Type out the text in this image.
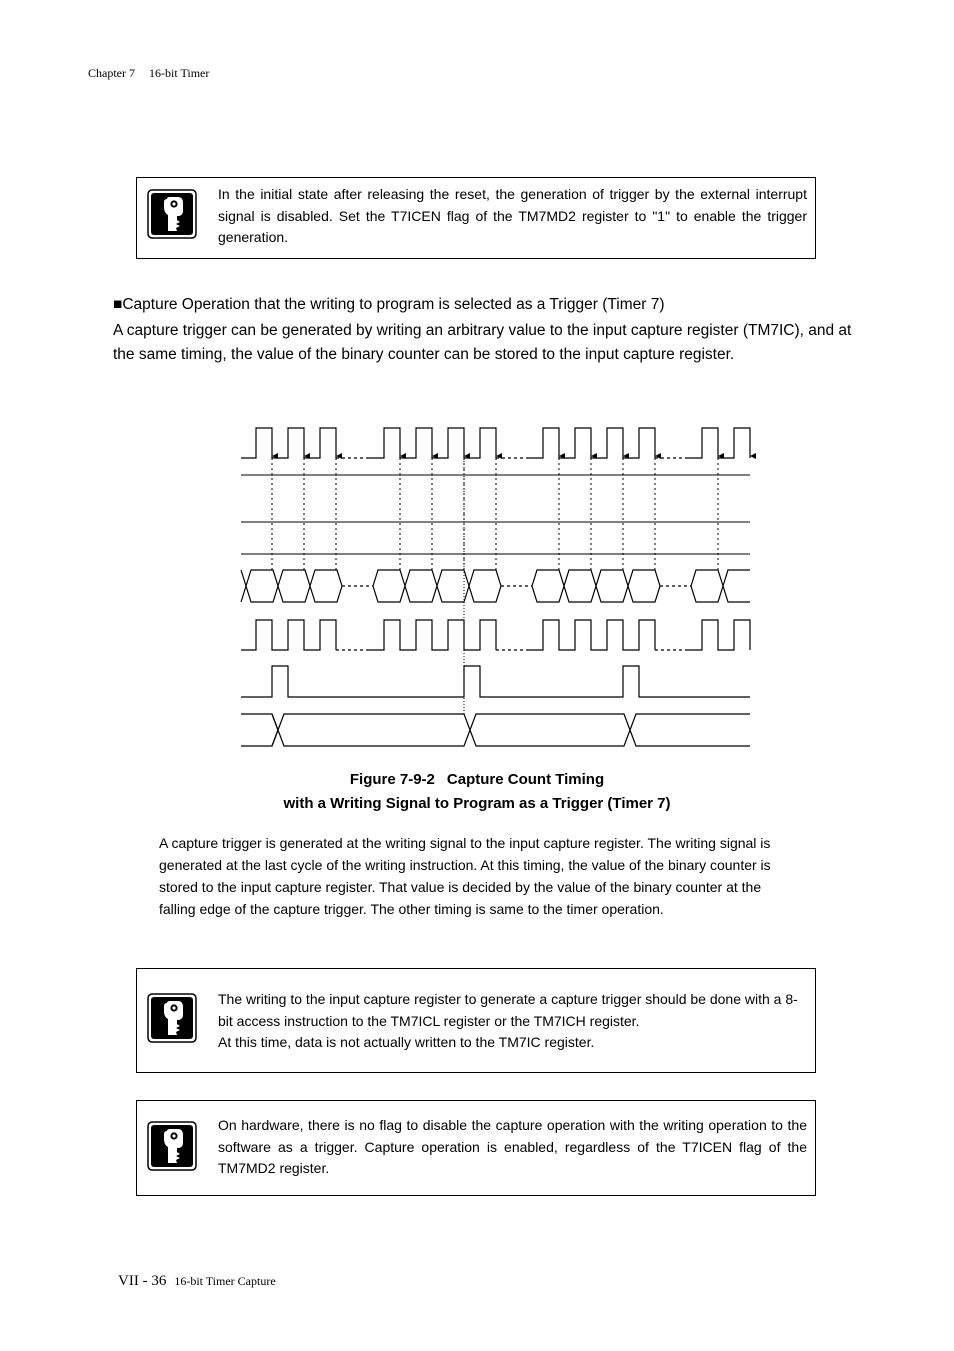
Chapter 7 16-bit Timer
In the initial state after releasing the reset, the generation of trigger by the external interrupt signal is disabled. Set the T7ICEN flag of the TM7MD2 register to "1" to enable the trigger generation.
■Capture Operation that the writing to program is selected as a Trigger (Timer 7)
A capture trigger can be generated by writing an arbitrary value to the input capture register (TM7IC), and at the same timing, the value of the binary counter can be stored to the input capture register.
Figure 7-9-2 Capture Count Timing
with a Writing Signal to Program as a Trigger (Timer 7)
A capture trigger is generated at the writing signal to the input capture register. The writing signal is generated at the last cycle of the writing instruction. At this timing, the value of the binary counter is stored to the input capture register. That value is decided by the value of the binary counter at the falling edge of the capture trigger. The other timing is same to the timer operation.
The writing to the input capture register to generate a capture trigger should be done with a 8-bit access instruction to the TM7ICL register or the TM7ICH register.
At this time, data is not actually written to the TM7IC register.
On hardware, there is no flag to disable the capture operation with the writing operation to the software as a trigger. Capture operation is enabled, regardless of the T7ICEN flag of the TM7MD2 register.
VII - 36 16-bit Timer Capture
